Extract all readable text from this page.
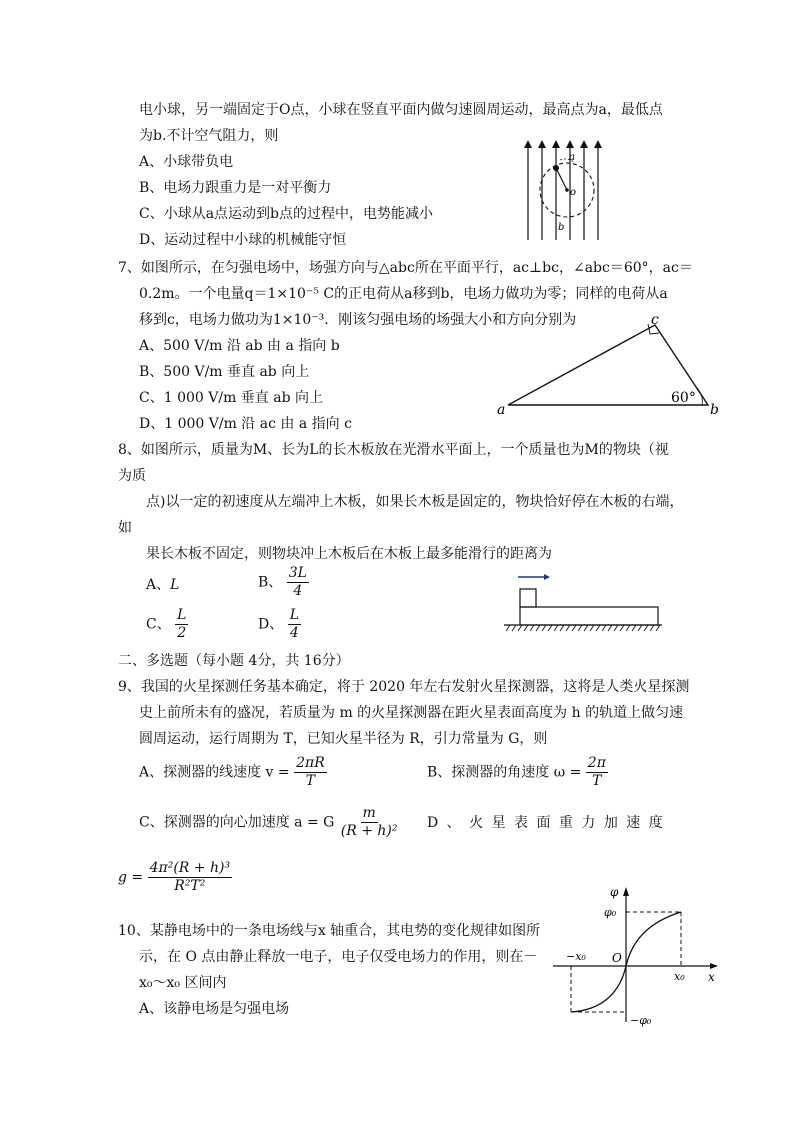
电小球，另一端固定于O点，小球在竖直平面内做匀速圆周运动，最高点为a，最低点
为b.不计空气阻力，则
A、小球带负电
B、电场力跟重力是一对平衡力
C、小球从a点运动到b点的过程中，电势能减小
D、运动过程中小球的机械能守恒
a
o
b
7、如图所示，在匀强电场中，场强方向与△abc所在平面平行，ac⊥bc，∠abc＝60°，ac＝
0.2m。一个电量q＝1×10⁻⁵ C的正电荷从a移到b，电场力做功为零；同样的电荷从a
移到c，电场力做功为1×10⁻³．刚该匀强电场的场强大小和方向分别为
A、500 V/m 沿 ab 由 a 指向 b
B、500 V/m 垂直 ab 向上
C、1 000 V/m 垂直 ab 向上
D、1 000 V/m 沿 ac 由 a 指向 c
a	b
c
60°
8、如图所示，质量为M、长为L的长木板放在光滑水平面上，一个质量也为M的物块（视
为质
点)以一定的初速度从左端冲上木板，如果长木板是固定的，物块恰好停在木板的右端，
如
果长木板不固定，则物块冲上木板后在木板上最多能滑行的距离为
A、L	B、 $\frac{3L}{4}$
C、 $\frac{L}{2}$	D、 $\frac{L}{4}$
二、多选题（每小题 4分，共 16分）
9、我国的火星探测任务基本确定，将于 2020 年左右发射火星探测器，这将是人类火星探测
史上前所未有的盛况，若质量为 m 的火星探测器在距火星表面高度为 h 的轨道上做匀速
圆周运动，运行周期为 T，已知火星半径为 R，引力常量为 G，则
A、探测器的线速度 $v = \frac{2\pi R}{T}$	B、探测器的角速度 $\omega = \frac{2\pi}{T}$
C、探测器的向心加速度 a = G $\frac{m}{\text{(R + h)²}}$ D 、 火 星 表 面 重 力 加 速 度
$g = \frac{\text{4π²(R + h)³}}{\text{R²T²}}$
10、某静电场中的一条电场线与x 轴重合，其电势的变化规律如图所
示，在 O 点由静止释放一电子，电子仅受电场力的作用，则在－
x₀～x₀ 区间内
A、该静电场是匀强电场
φ
φ₀
O
x₀
−x₀
x
−φ₀
